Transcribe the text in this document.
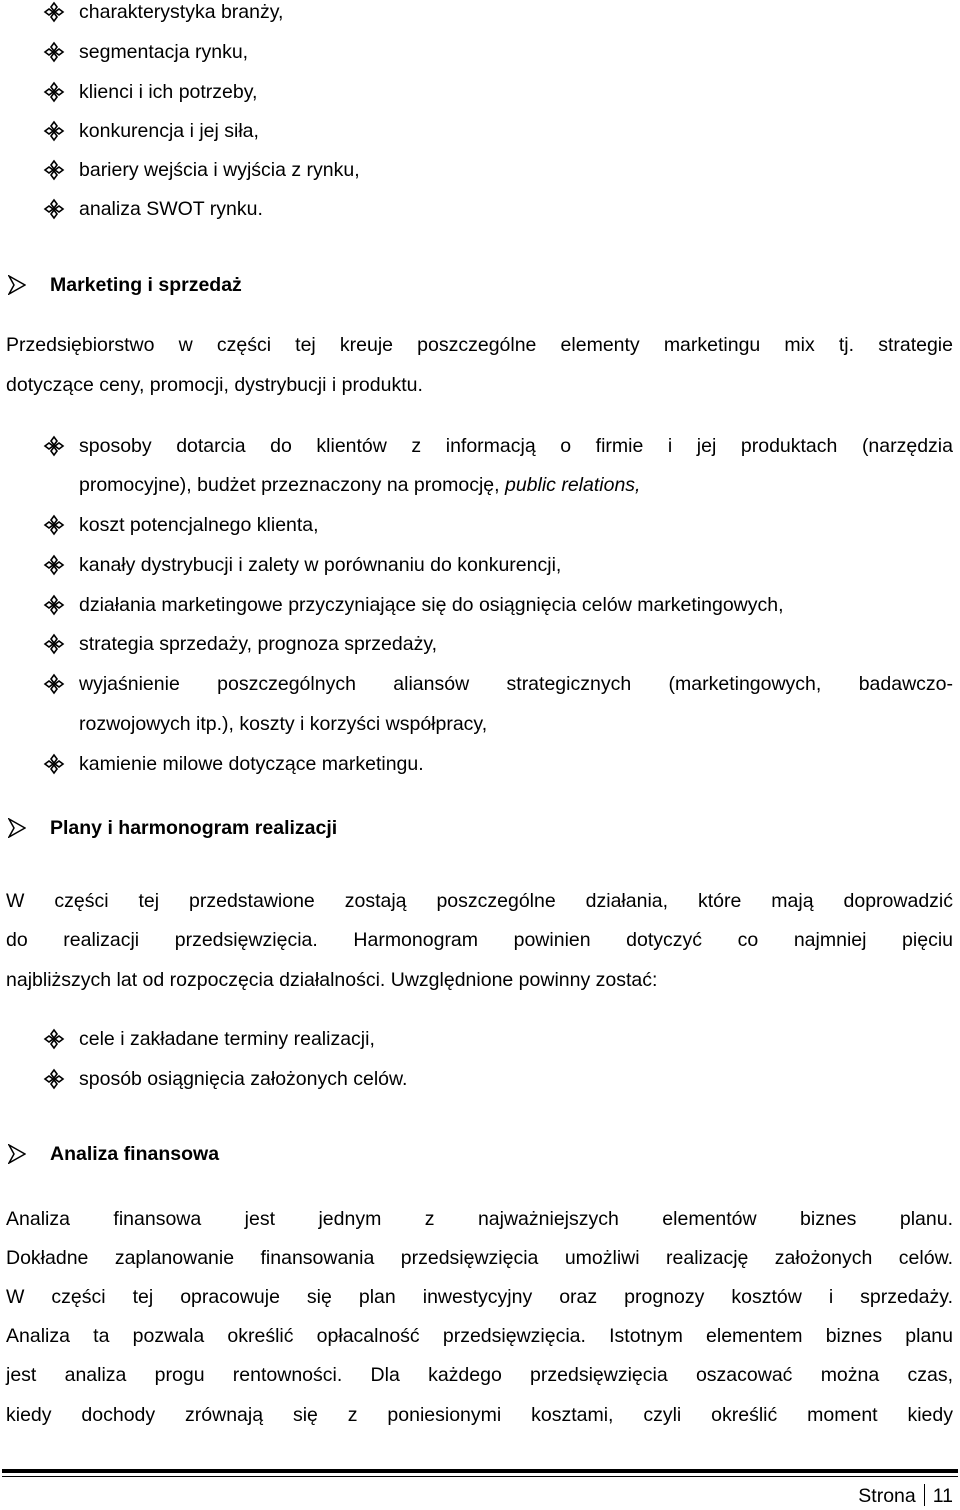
charakterystyka branży,
segmentacja rynku,
klienci i ich potrzeby,
konkurencja i jej siła,
bariery wejścia i wyjścia z rynku,
analiza SWOT rynku.
Marketing i sprzedaż
Przedsiębiorstwo w części tej kreuje poszczególne elementy marketingu mix tj. strategie
dotyczące ceny, promocji, dystrybucji i produktu.
sposoby dotarcia do klientów z informacją o firmie i jej produktach (narzędzia
promocyjne), budżet przeznaczony na promocję, public relations,
koszt potencjalnego klienta,
kanały dystrybucji i zalety w porównaniu do konkurencji,
działania marketingowe przyczyniające się do osiągnięcia celów marketingowych,
strategia sprzedaży, prognoza sprzedaży,
wyjaśnienie poszczególnych aliansów strategicznych (marketingowych, badawczo-
rozwojowych itp.), koszty i korzyści współpracy,
kamienie milowe dotyczące marketingu.
Plany i harmonogram realizacji
W części tej przedstawione zostają poszczególne działania, które mają doprowadzić
do realizacji przedsięwzięcia. Harmonogram powinien dotyczyć co najmniej pięciu
najbliższych lat od rozpoczęcia działalności. Uwzględnione powinny zostać:
cele i zakładane terminy realizacji,
sposób osiągnięcia założonych celów.
Analiza finansowa
Analiza finansowa jest jednym z najważniejszych elementów biznes planu.
Dokładne zaplanowanie finansowania przedsięwzięcia umożliwi realizację założonych celów.
W części tej opracowuje się plan inwestycyjny oraz prognozy kosztów i sprzedaży.
Analiza ta pozwala określić opłacalność przedsięwzięcia. Istotnym elementem biznes planu
jest analiza progu rentowności. Dla każdego przedsięwzięcia oszacować można czas,
kiedy dochody zrównają się z poniesionymi kosztami, czyli określić moment kiedy
Strona 11
